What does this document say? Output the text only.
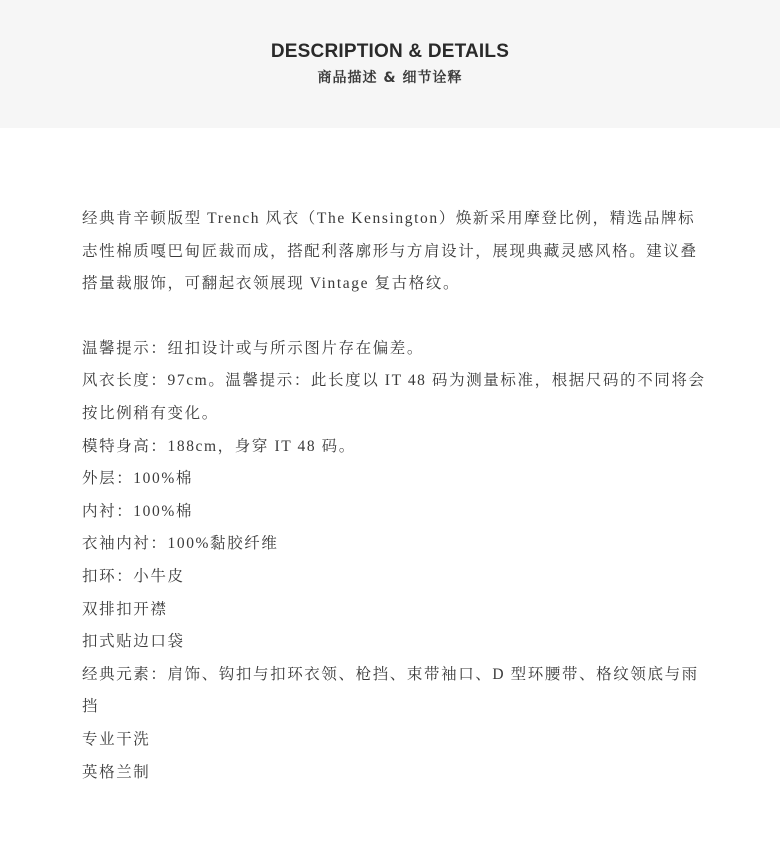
DESCRIPTION & DETAILS
商品描述 & 细节诠释

经典肯辛顿版型 Trench 风衣（The Kensington）焕新采用摩登比例，精选品牌标志性棉质嘎巴甸匠裁而成，搭配利落廓形与方肩设计，展现典藏灵感风格。建议叠搭量裁服饰，可翻起衣领展现 Vintage 复古格纹。

温馨提示：纽扣设计或与所示图片存在偏差。

风衣长度：97cm。温馨提示：此长度以 IT 48 码为测量标准，根据尺码的不同将会按比例稍有变化。

模特身高：188cm，身穿 IT 48 码。

外层：100%棉

内衬：100%棉

衣袖内衬：100%黏胶纤维

扣环：小牛皮

双排扣开襟

扣式贴边口袋

经典元素：肩饰、钩扣与扣环衣领、枪挡、束带袖口、D 型环腰带、格纹领底与雨挡

专业干洗

英格兰制
